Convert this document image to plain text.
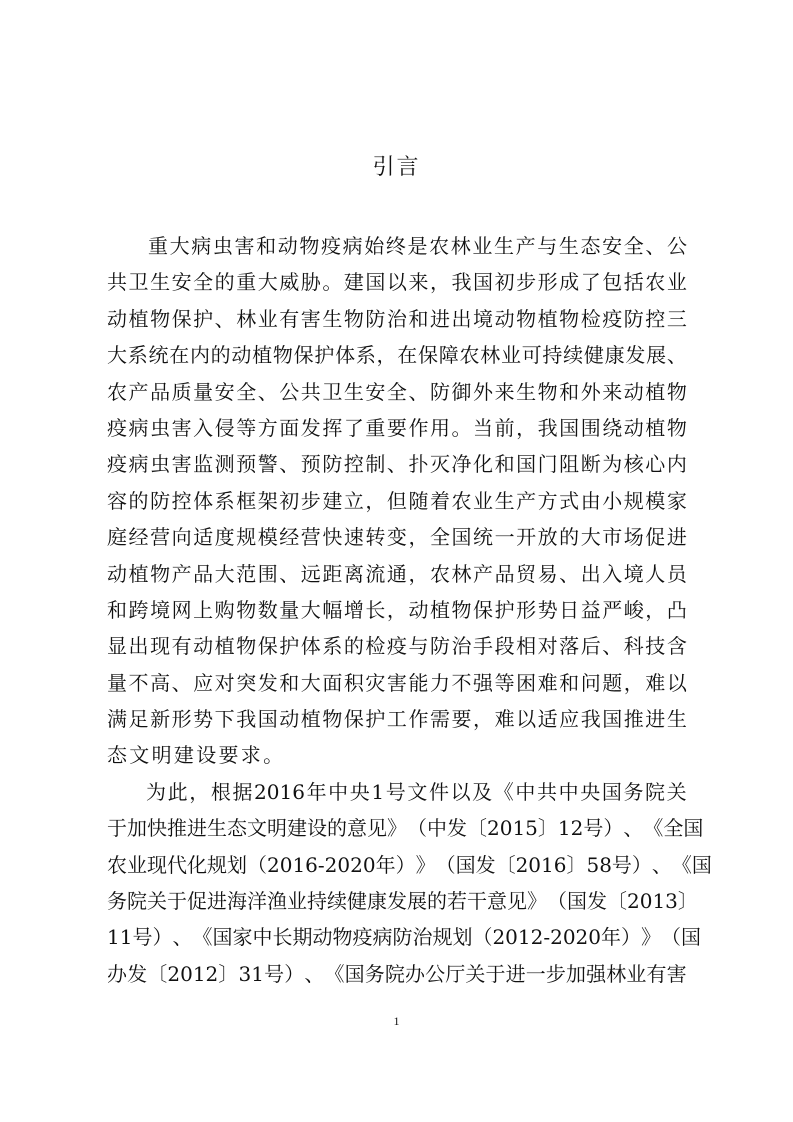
引言
重 大 病 虫 害 和 动 物 疫 病 始 终 是 农 林 业 生 产 与 生 态 安 全 、 公
共 卫 生 安 全 的 重 大 威 胁 。 建 国 以 来 ， 我 国 初 步 形 成 了 包 括 农 业
动 植 物 保 护 、 林 业 有 害 生 物 防 治 和 进 出 境 动 物 植 物 检 疫 防 控 三
大 系 统 在 内 的 动 植 物 保 护 体 系 ， 在 保 障 农 林 业 可 持 续 健 康 发 展 、
农 产 品 质 量 安 全 、 公 共 卫 生 安 全 、 防 御 外 来 生 物 和 外 来 动 植 物
疫 病 虫 害 入 侵 等 方 面 发 挥 了 重 要 作 用 。 当 前 ， 我 国 围 绕 动 植 物
疫 病 虫 害 监 测 预 警 、 预 防 控 制 、 扑 灭 净 化 和 国 门 阻 断 为 核 心 内
容 的 防 控 体 系 框 架 初 步 建 立 ， 但 随 着 农 业 生 产 方 式 由 小 规 模 家
庭 经 营 向 适 度 规 模 经 营 快 速 转 变 ， 全 国 统 一 开 放 的 大 市 场 促 进
动 植 物 产 品 大 范 围 、 远 距 离 流 通 ， 农 林 产 品 贸 易 、 出 入 境 人 员
和 跨 境 网 上 购 物 数 量 大 幅 增 长 ， 动 植 物 保 护 形 势 日 益 严 峻 ， 凸
显 出 现 有 动 植 物 保 护 体 系 的 检 疫 与 防 治 手 段 相 对 落 后 、 科 技 含
量 不 高 、 应 对 突 发 和 大 面 积 灾 害 能 力 不 强 等 困 难 和 问 题 ， 难 以
满 足 新 形 势 下 我 国 动 植 物 保 护 工 作 需 要 ， 难 以 适 应 我 国 推 进 生
态文明建设要求。
为 此 ， 根 据 2016 年 中 央 1 号 文 件 以 及 《 中 共 中 央 国 务 院 关
于 加 快 推 进 生 态 文 明 建 设 的 意 见 》 （ 中 发 〔 2015 〕 12 号 ） 、 《 全 国
农 业 现 代 化 规 划 （ 2016-2020 年 ） 》 （ 国 发 〔 2016 〕 58 号 ） 、 《 国
务 院 关 于 促 进 海 洋 渔 业 持 续 健 康 发 展 的 若 干 意 见 》 （ 国 发 〔 2013 〕
11 号 ） 、 《 国 家 中 长 期 动 物 疫 病 防 治 规 划 （ 2012-2020 年 ） 》 （ 国
办 发 〔 2012 〕 31 号 ） 、 《 国 务 院 办 公 厅 关 于 进 一 步 加 强 林 业 有 害
1
